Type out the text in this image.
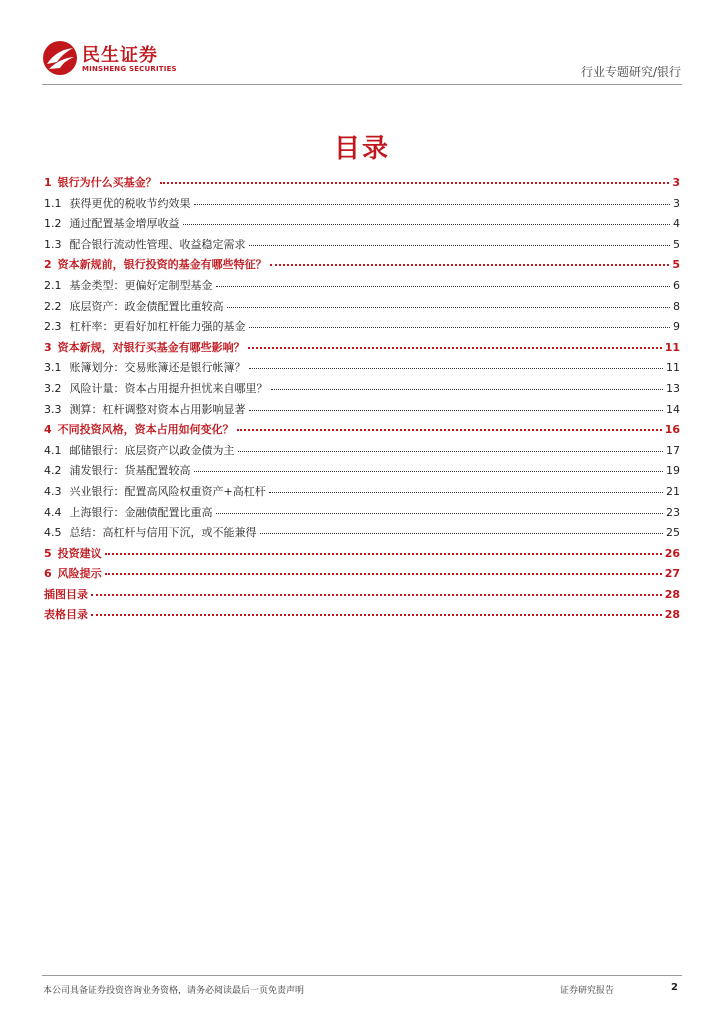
民生证券
MINSHENG SECURITIES	行业专题研究/银行
目录
1 银行为什么买基金？	3
1.1 获得更优的税收节约效果	3
1.2 通过配置基金增厚收益	4
1.3 配合银行流动性管理、收益稳定需求	5
2 资本新规前，银行投资的基金有哪些特征？	5
2.1 基金类型：更偏好定制型基金	6
2.2 底层资产：政金债配置比重较高	8
2.3 杠杆率：更看好加杠杆能力强的基金	9
3 资本新规，对银行买基金有哪些影响？	11
3.1 账簿划分：交易账簿还是银行帐簿？	11
3.2 风险计量：资本占用提升担忧来自哪里？	13
3.3 测算：杠杆调整对资本占用影响显著	14
4 不同投资风格，资本占用如何变化？	16
4.1 邮储银行：底层资产以政金债为主	17
4.2 浦发银行：货基配置较高	19
4.3 兴业银行：配置高风险权重资产+高杠杆	21
4.4 上海银行：金融债配置比重高	23
4.5 总结：高杠杆与信用下沉，或不能兼得	25
5 投资建议	26
6 风险提示	27
插图目录	28
表格目录	28
本公司具备证券投资咨询业务资格，请务必阅读最后一页免责声明	证券研究报告	2
